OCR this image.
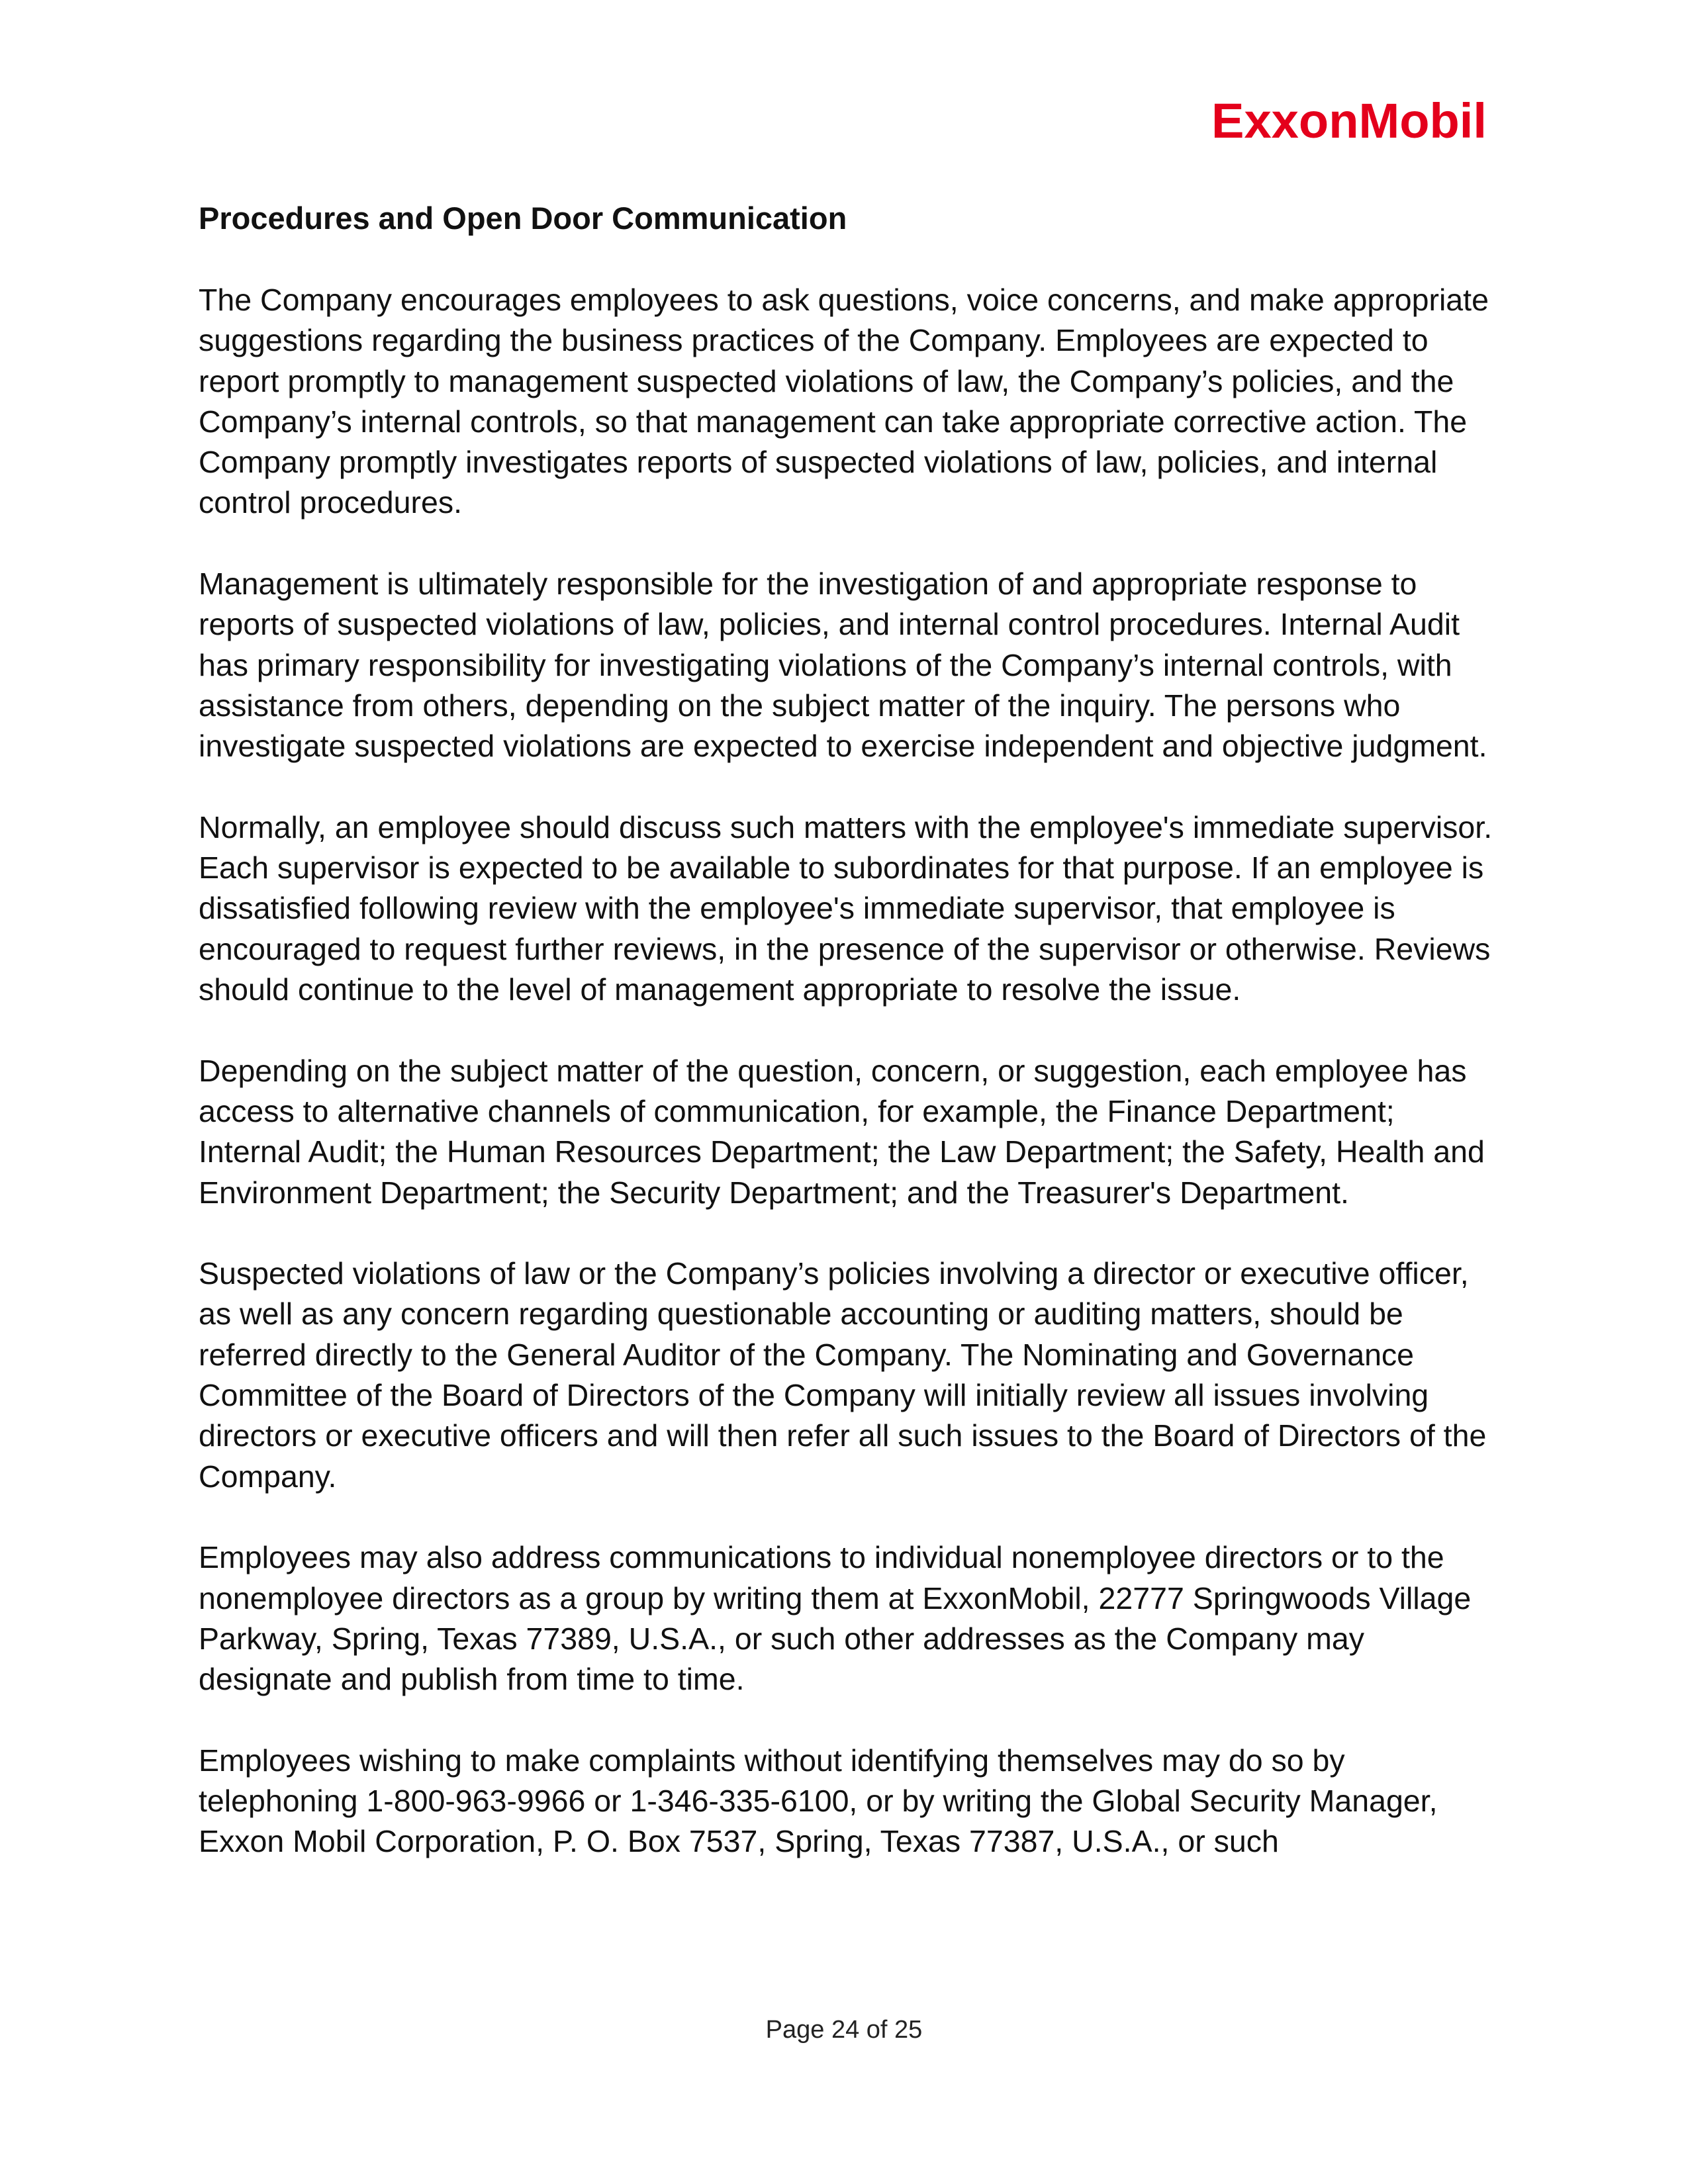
ExxonMobil
Procedures and Open Door Communication

The Company encourages employees to ask questions, voice concerns, and make appropriate suggestions regarding the business practices of the Company. Employees are expected to report promptly to management suspected violations of law, the Company’s policies, and the Company’s internal controls, so that management can take appropriate corrective action. The Company promptly investigates reports of suspected violations of law, policies, and internal control procedures.

Management is ultimately responsible for the investigation of and appropriate response to reports of suspected violations of law, policies, and internal control procedures. Internal Audit has primary responsibility for investigating violations of the Company’s internal controls, with assistance from others, depending on the subject matter of the inquiry. The persons who investigate suspected violations are expected to exercise independent and objective judgment.

Normally, an employee should discuss such matters with the employee's immediate supervisor. Each supervisor is expected to be available to subordinates for that purpose. If an employee is dissatisfied following review with the employee's immediate supervisor, that employee is encouraged to request further reviews, in the presence of the supervisor or otherwise. Reviews should continue to the level of management appropriate to resolve the issue.

Depending on the subject matter of the question, concern, or suggestion, each employee has access to alternative channels of communication, for example, the Finance Department; Internal Audit; the Human Resources Department; the Law Department; the Safety, Health and Environment Department; the Security Department; and the Treasurer's Department.

Suspected violations of law or the Company’s policies involving a director or executive officer, as well as any concern regarding questionable accounting or auditing matters, should be referred directly to the General Auditor of the Company. The Nominating and Governance Committee of the Board of Directors of the Company will initially review all issues involving directors or executive officers and will then refer all such issues to the Board of Directors of the Company.

Employees may also address communications to individual nonemployee directors or to the nonemployee directors as a group by writing them at ExxonMobil, 22777 Springwoods Village Parkway, Spring, Texas 77389, U.S.A., or such other addresses as the Company may designate and publish from time to time.

Employees wishing to make complaints without identifying themselves may do so by telephoning 1-800-963-9966 or 1-346-335-6100, or by writing the Global Security Manager, Exxon Mobil Corporation, P. O. Box 7537, Spring, Texas 77387, U.S.A., or such

Page 24 of 25
